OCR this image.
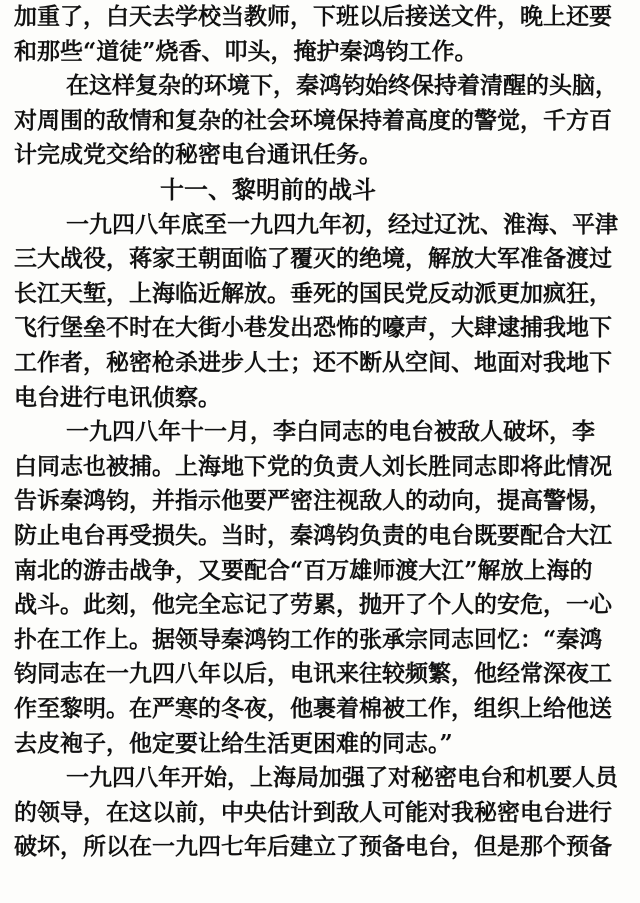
加重了，白天去学校当教师，下班以后接送文件，晚上还要
和那些“道徒”烧香、叩头，掩护秦鸿钧工作。
在这样复杂的环境下，秦鸿钧始终保持着清醒的头脑，
对周围的敌情和复杂的社会环境保持着高度的警觉，千方百
计完成党交给的秘密电台通讯任务。
十一、黎明前的战斗
一九四八年底至一九四九年初，经过辽沈、淮海、平津
三大战役，蒋家王朝面临了覆灭的绝境，解放大军准备渡过
长江天堑，上海临近解放。垂死的国民党反动派更加疯狂，
飞行堡垒不时在大街小巷发出恐怖的嚎声，大肆逮捕我地下
工作者，秘密枪杀进步人士；还不断从空间、地面对我地下
电台进行电讯侦察。
一九四八年十一月，李白同志的电台被敌人破坏，李
白同志也被捕。上海地下党的负责人刘长胜同志即将此情况
告诉秦鸿钧，并指示他要严密注视敌人的动向，提高警惕，
防止电台再受损失。当时，秦鸿钧负责的电台既要配合大江
南北的游击战争，又要配合“百万雄师渡大江”解放上海的
战斗。此刻，他完全忘记了劳累，抛开了个人的安危，一心
扑在工作上。据领导秦鸿钧工作的张承宗同志回忆：“秦鸿
钧同志在一九四八年以后，电讯来往较频繁，他经常深夜工
作至黎明。在严寒的冬夜，他裹着棉被工作，组织上给他送
去皮袍子，他定要让给生活更困难的同志。”
一九四八年开始，上海局加强了对秘密电台和机要人员
的领导，在这以前，中央估计到敌人可能对我秘密电台进行
破坏，所以在一九四七年后建立了预备电台，但是那个预备
